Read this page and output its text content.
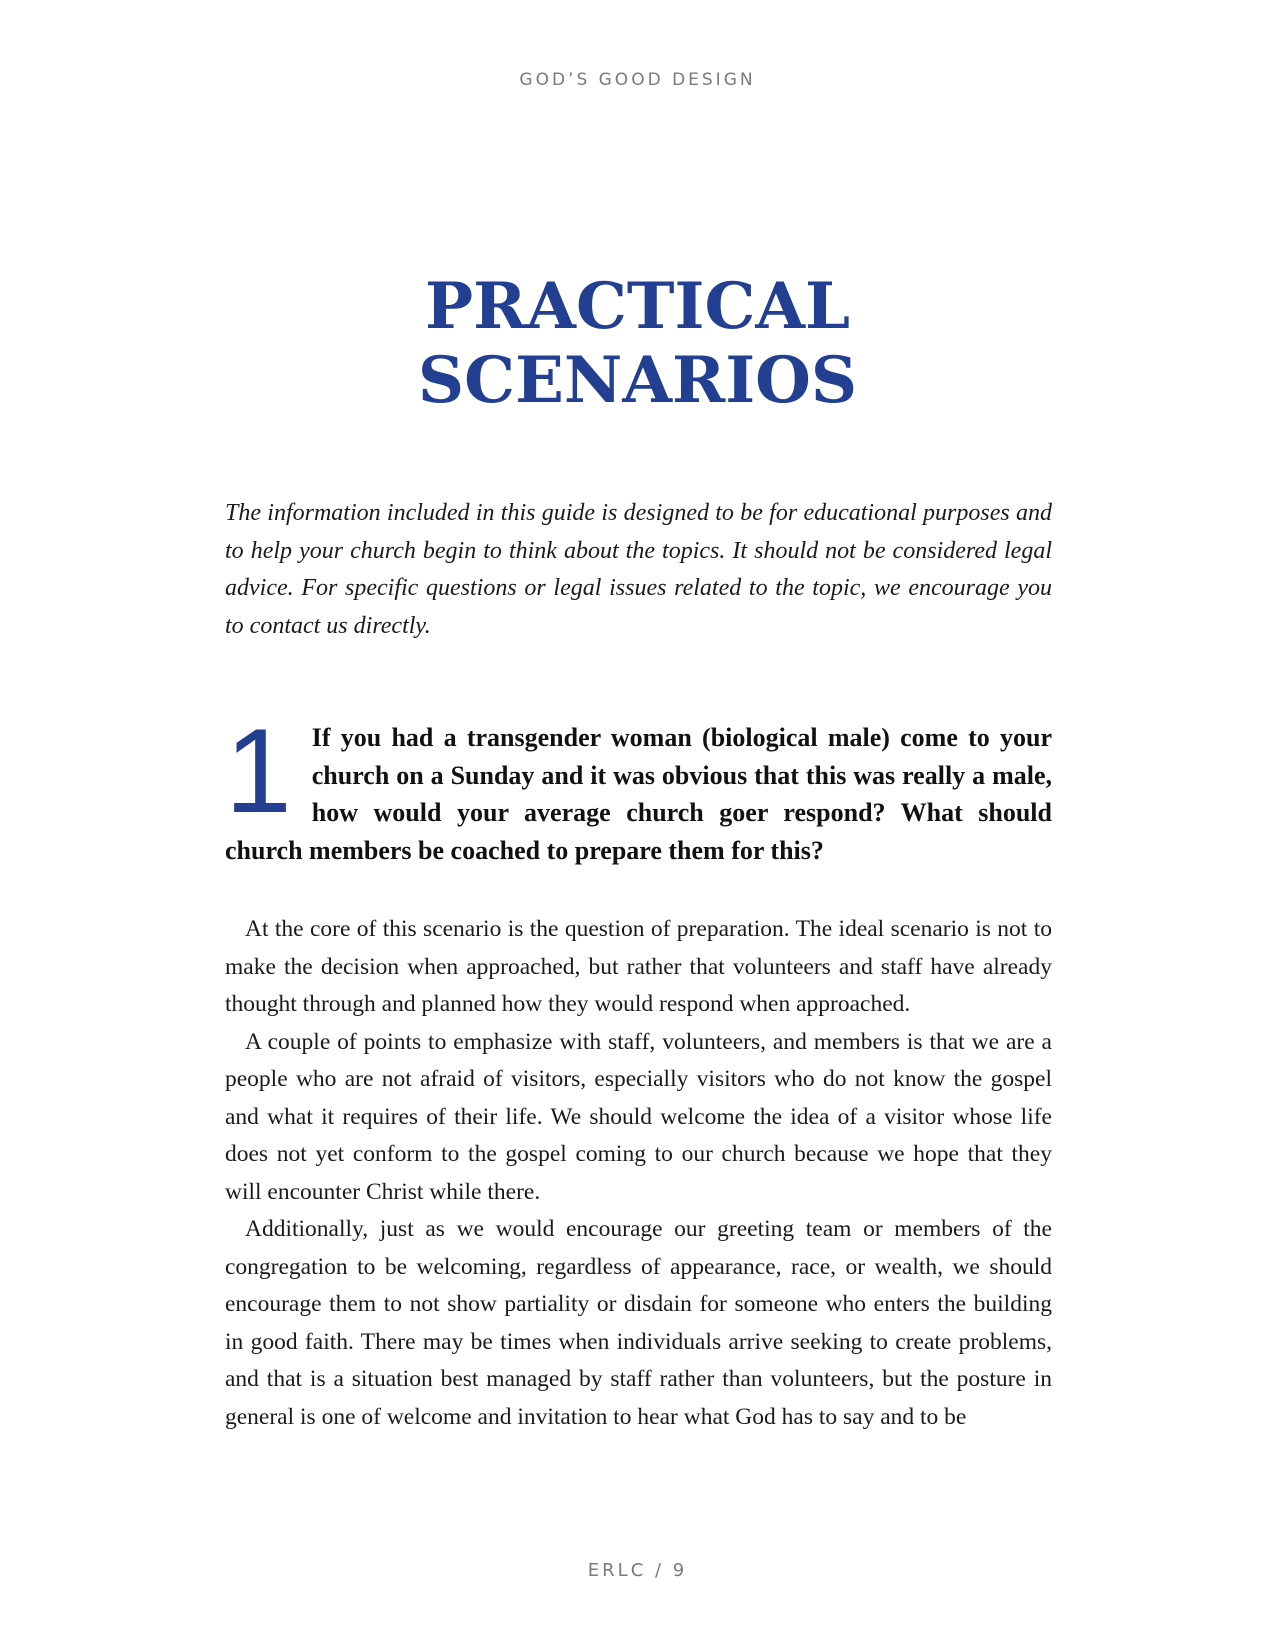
GOD’S GOOD DESIGN
PRACTICAL
SCENARIOS

The information included in this guide is designed to be for educational purposes and to help your church begin to think about the topics. It should not be considered legal advice. For specific questions or legal issues related to the topic, we encourage you to contact us directly.

1 If you had a transgender woman (biological male) come to your church on a Sunday and it was obvious that this was really a male, how would your average church goer respond? What should church members be coached to prepare them for this?

At the core of this scenario is the question of preparation. The ideal scenario is not to make the decision when approached, but rather that volunteers and staff have already thought through and planned how they would respond when approached.

A couple of points to emphasize with staff, volunteers, and members is that we are a people who are not afraid of visitors, especially visitors who do not know the gospel and what it requires of their life. We should welcome the idea of a visitor whose life does not yet conform to the gospel coming to our church because we hope that they will encounter Christ while there.

Additionally, just as we would encourage our greeting team or members of the congregation to be welcoming, regardless of appearance, race, or wealth, we should encourage them to not show partiality or disdain for someone who enters the building in good faith. There may be times when individuals arrive seeking to create problems, and that is a situation best managed by staff rather than volunteers, but the posture in general is one of welcome and invitation to hear what God has to say and to be

ERLC / 9
